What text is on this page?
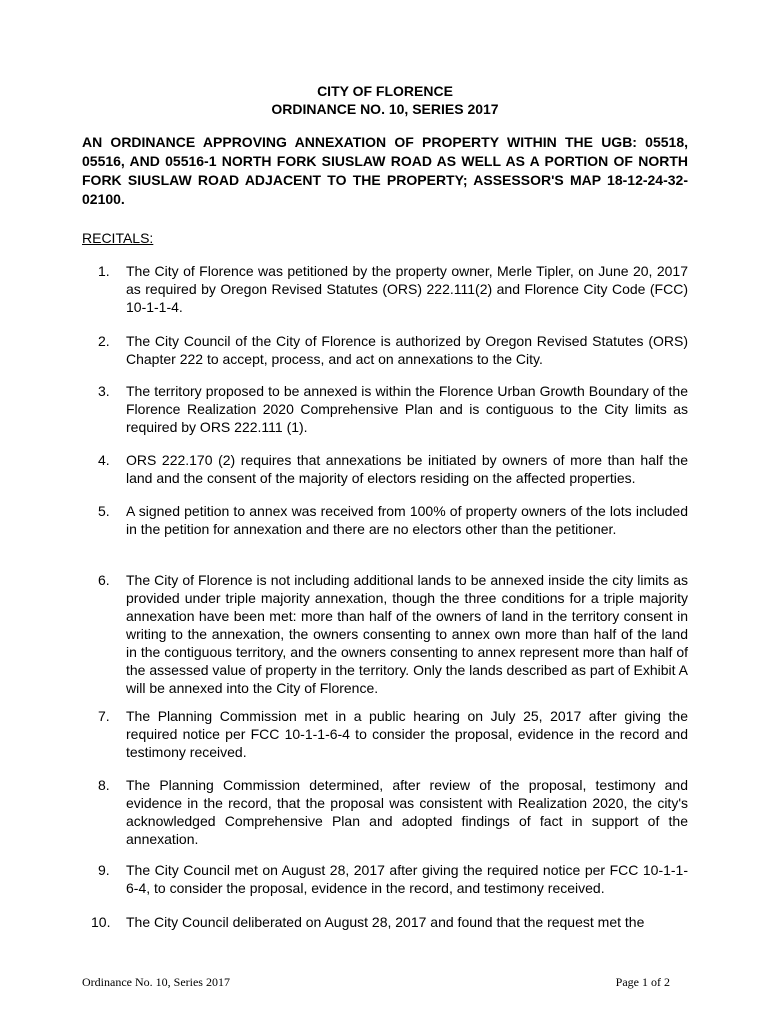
CITY OF FLORENCE
ORDINANCE NO. 10, SERIES 2017
AN ORDINANCE APPROVING ANNEXATION OF PROPERTY WITHIN THE UGB: 05518, 05516, AND 05516-1 NORTH FORK SIUSLAW ROAD AS WELL AS A PORTION OF NORTH FORK SIUSLAW ROAD ADJACENT TO THE PROPERTY; ASSESSOR'S MAP 18-12-24-32-02100.
RECITALS:
1.	The City of Florence was petitioned by the property owner, Merle Tipler, on June 20, 2017 as required by Oregon Revised Statutes (ORS) 222.111(2) and Florence City Code (FCC) 10-1-1-4.
2.	The City Council of the City of Florence is authorized by Oregon Revised Statutes (ORS) Chapter 222 to accept, process, and act on annexations to the City.
3.	The territory proposed to be annexed is within the Florence Urban Growth Boundary of the Florence Realization 2020 Comprehensive Plan and is contiguous to the City limits as required by ORS 222.111 (1).
4.	ORS 222.170 (2) requires that annexations be initiated by owners of more than half the land and the consent of the majority of electors residing on the affected properties.
5.	A signed petition to annex was received from 100% of property owners of the lots included in the petition for annexation and there are no electors other than the petitioner.
6.	The City of Florence is not including additional lands to be annexed inside the city limits as provided under triple majority annexation, though the three conditions for a triple majority annexation have been met: more than half of the owners of land in the territory consent in writing to the annexation, the owners consenting to annex own more than half of the land in the contiguous territory, and the owners consenting to annex represent more than half of the assessed value of property in the territory. Only the lands described as part of Exhibit A will be annexed into the City of Florence.
7.	The Planning Commission met in a public hearing on July 25, 2017 after giving the required notice per FCC 10-1-1-6-4 to consider the proposal, evidence in the record and testimony received.
8.	The Planning Commission determined, after review of the proposal, testimony and evidence in the record, that the proposal was consistent with Realization 2020, the city's acknowledged Comprehensive Plan and adopted findings of fact in support of the annexation.
9.	The City Council met on August 28, 2017 after giving the required notice per FCC 10-1-1-6-4, to consider the proposal, evidence in the record, and testimony received.
10.	The City Council deliberated on August 28, 2017 and found that the request met the
Ordinance No. 10, Series 2017	Page 1 of 2
